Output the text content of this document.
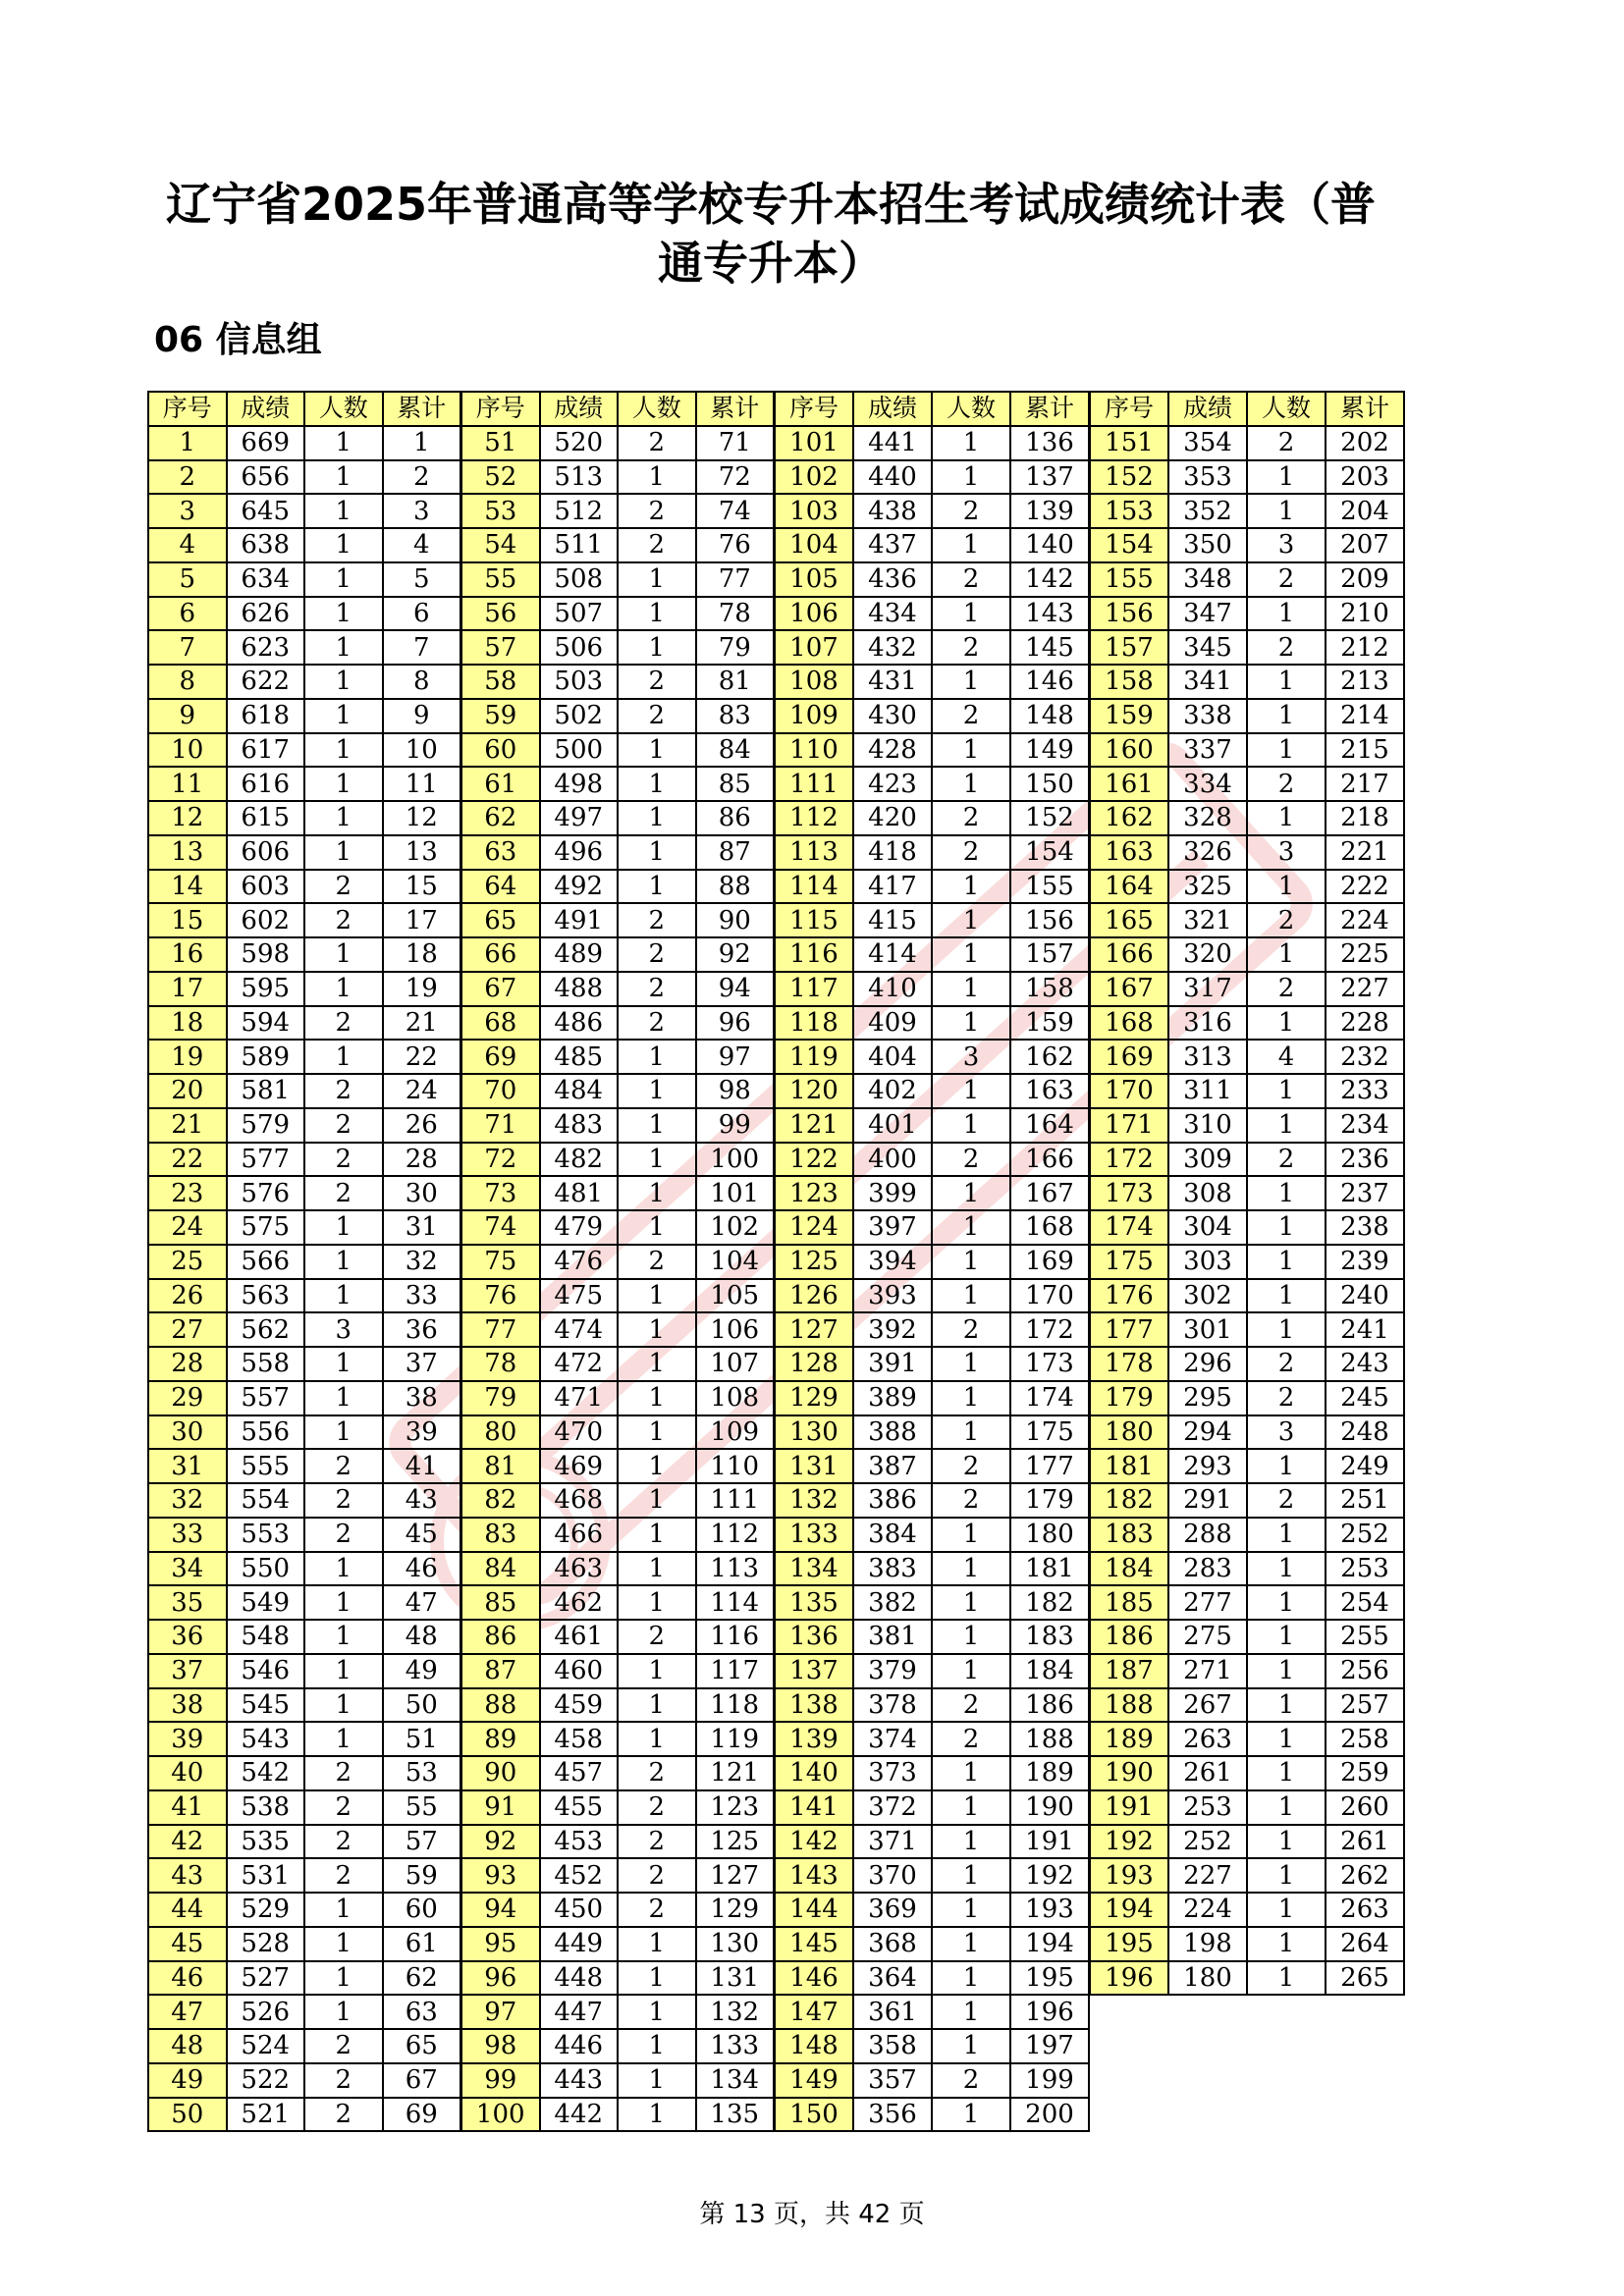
辽宁省2025年普通高等学校专升本招生考试成绩统计表（普通专升本）
06 信息组
序号	成绩	人数	累计
1	669	1	1
2	656	1	2
3	645	1	3
4	638	1	4
5	634	1	5
6	626	1	6
7	623	1	7
8	622	1	8
9	618	1	9
10	617	1	10
11	616	1	11
12	615	1	12
13	606	1	13
14	603	2	15
15	602	2	17
16	598	1	18
17	595	1	19
18	594	2	21
19	589	1	22
20	581	2	24
21	579	2	26
22	577	2	28
23	576	2	30
24	575	1	31
25	566	1	32
26	563	1	33
27	562	3	36
28	558	1	37
29	557	1	38
30	556	1	39
31	555	2	41
32	554	2	43
33	553	2	45
34	550	1	46
35	549	1	47
36	548	1	48
37	546	1	49
38	545	1	50
39	543	1	51
40	542	2	53
41	538	2	55
42	535	2	57
43	531	2	59
44	529	1	60
45	528	1	61
46	527	1	62
47	526	1	63
48	524	2	65
49	522	2	67
50	521	2	69
序号	成绩	人数	累计
51	520	2	71
52	513	1	72
53	512	2	74
54	511	2	76
55	508	1	77
56	507	1	78
57	506	1	79
58	503	2	81
59	502	2	83
60	500	1	84
61	498	1	85
62	497	1	86
63	496	1	87
64	492	1	88
65	491	2	90
66	489	2	92
67	488	2	94
68	486	2	96
69	485	1	97
70	484	1	98
71	483	1	99
72	482	1	100
73	481	1	101
74	479	1	102
75	476	2	104
76	475	1	105
77	474	1	106
78	472	1	107
79	471	1	108
80	470	1	109
81	469	1	110
82	468	1	111
83	466	1	112
84	463	1	113
85	462	1	114
86	461	2	116
87	460	1	117
88	459	1	118
89	458	1	119
90	457	2	121
91	455	2	123
92	453	2	125
93	452	2	127
94	450	2	129
95	449	1	130
96	448	1	131
97	447	1	132
98	446	1	133
99	443	1	134
100	442	1	135
序号	成绩	人数	累计
101	441	1	136
102	440	1	137
103	438	2	139
104	437	1	140
105	436	2	142
106	434	1	143
107	432	2	145
108	431	1	146
109	430	2	148
110	428	1	149
111	423	1	150
112	420	2	152
113	418	2	154
114	417	1	155
115	415	1	156
116	414	1	157
117	410	1	158
118	409	1	159
119	404	3	162
120	402	1	163
121	401	1	164
122	400	2	166
123	399	1	167
124	397	1	168
125	394	1	169
126	393	1	170
127	392	2	172
128	391	1	173
129	389	1	174
130	388	1	175
131	387	2	177
132	386	2	179
133	384	1	180
134	383	1	181
135	382	1	182
136	381	1	183
137	379	1	184
138	378	2	186
139	374	2	188
140	373	1	189
141	372	1	190
142	371	1	191
143	370	1	192
144	369	1	193
145	368	1	194
146	364	1	195
147	361	1	196
148	358	1	197
149	357	2	199
150	356	1	200
序号	成绩	人数	累计
151	354	2	202
152	353	1	203
153	352	1	204
154	350	3	207
155	348	2	209
156	347	1	210
157	345	2	212
158	341	1	213
159	338	1	214
160	337	1	215
161	334	2	217
162	328	1	218
163	326	3	221
164	325	1	222
165	321	2	224
166	320	1	225
167	317	2	227
168	316	1	228
169	313	4	232
170	311	1	233
171	310	1	234
172	309	2	236
173	308	1	237
174	304	1	238
175	303	1	239
176	302	1	240
177	301	1	241
178	296	2	243
179	295	2	245
180	294	3	248
181	293	1	249
182	291	2	251
183	288	1	252
184	283	1	253
185	277	1	254
186	275	1	255
187	271	1	256
188	267	1	257
189	263	1	258
190	261	1	259
191	253	1	260
192	252	1	261
193	227	1	262
194	224	1	263
195	198	1	264
196	180	1	265

第 13 页，共 42 页
